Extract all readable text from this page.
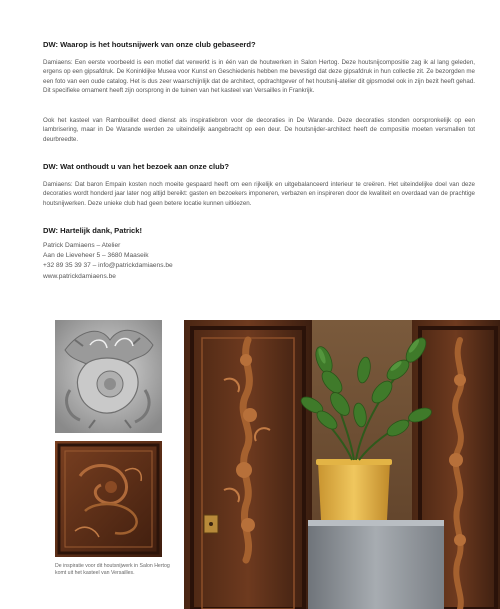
DW: Waarop is het houtsnijwerk van onze club gebaseerd?

Damiaens: Een eerste voorbeeld is een motief dat verwerkt is in één van de houtwerken in Salon Hertog. Deze houtsnijcompositie zag ik al lang geleden, ergens op een gipsafdruk. De Koninklijke Musea voor Kunst en Geschiedenis hebben me bevestigd dat deze gipsafdruk in hun collectie zit. Ze bezorgden me een foto van een oude catalog. Het is dus zeer waarschijnlijk dat de architect, opdrachtgever of het houtsnij-atelier dit gipsmodel ook in zijn bezit heeft gehad. Dit specifieke ornament heeft zijn oorsprong in de tuinen van het kasteel van Versailles in Frankrijk.

Ook het kasteel van Rambouillet deed dienst als inspiratiebron voor de decoraties in De Warande. Deze decoraties stonden oorspronkelijk op een lambrisering, maar in De Warande werden ze uiteindelijk aangebracht op een deur. De houtsnijder-architect heeft de compositie moeten versmallen tot deurbreedte.

DW: Wat onthoudt u van het bezoek aan onze club?

Damiaens: Dat baron Empain kosten noch moeite gespaard heeft om een rijkelijk en uitgebalanceerd interieur te creëren. Het uiteindelijke doel van deze decoraties wordt honderd jaar later nog altijd bereikt: gasten en bezoekers imponeren, verbazen en inspireren door de kwaliteit en overdaad van de prachtige houtsnijwerken. Deze unieke club had geen betere locatie kunnen uitkiezen.

DW: Hartelijk dank, Patrick!
Patrick Damiaens – Atelier
Aan de Lieveheer 5 – 3680 Maaseik
+32 89 35 39 37 – info@patrickdamiaens.be
www.patrickdamiaens.be
De inspiratie voor dit houtsnijwerk in Salon Hertog komt uit het kasteel van Versailles.
